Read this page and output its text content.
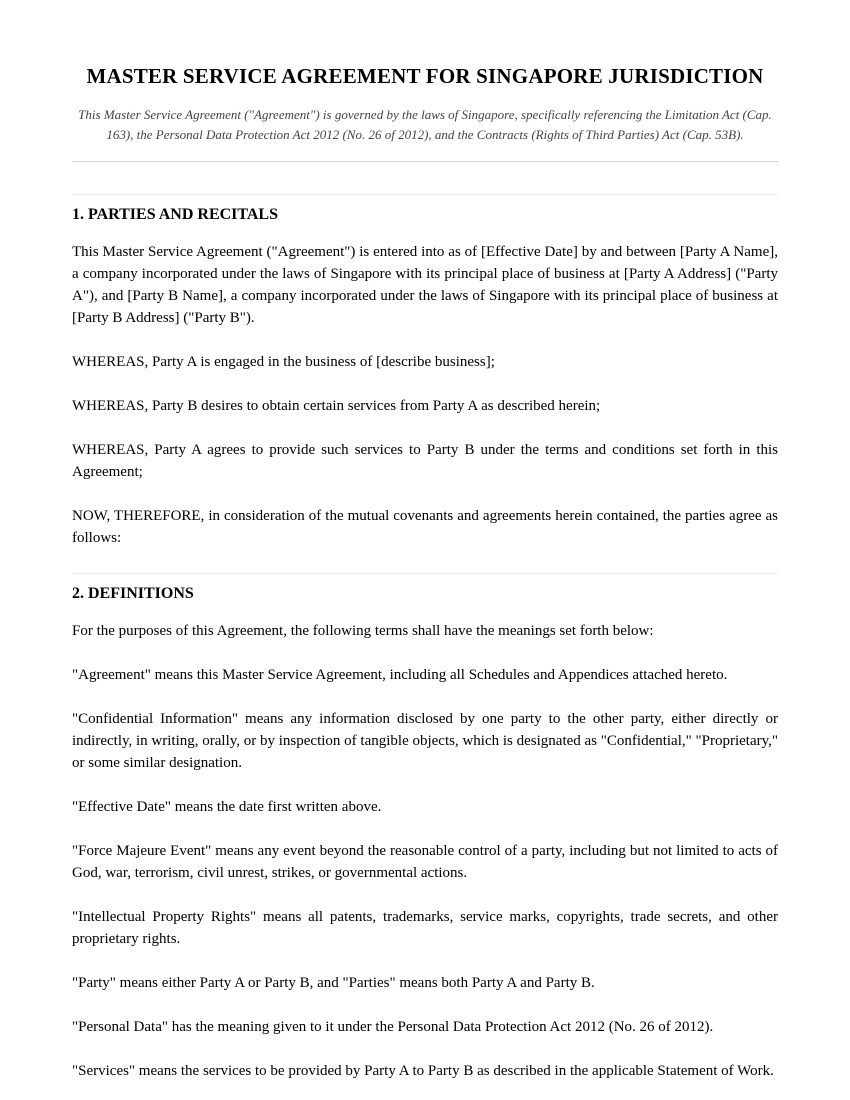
MASTER SERVICE AGREEMENT FOR SINGAPORE JURISDICTION

This Master Service Agreement ("Agreement") is governed by the laws of Singapore, specifically referencing the Limitation Act (Cap. 163), the Personal Data Protection Act 2012 (No. 26 of 2012), and the Contracts (Rights of Third Parties) Act (Cap. 53B).

1. PARTIES AND RECITALS

This Master Service Agreement ("Agreement") is entered into as of [Effective Date] by and between [Party A Name], a company incorporated under the laws of Singapore with its principal place of business at [Party A Address] ("Party A"), and [Party B Name], a company incorporated under the laws of Singapore with its principal place of business at [Party B Address] ("Party B").

WHEREAS, Party A is engaged in the business of [describe business];

WHEREAS, Party B desires to obtain certain services from Party A as described herein;

WHEREAS, Party A agrees to provide such services to Party B under the terms and conditions set forth in this Agreement;

NOW, THEREFORE, in consideration of the mutual covenants and agreements herein contained, the parties agree as follows:

2. DEFINITIONS

For the purposes of this Agreement, the following terms shall have the meanings set forth below:

"Agreement" means this Master Service Agreement, including all Schedules and Appendices attached hereto.

"Confidential Information" means any information disclosed by one party to the other party, either directly or indirectly, in writing, orally, or by inspection of tangible objects, which is designated as "Confidential," "Proprietary," or some similar designation.

"Effective Date" means the date first written above.

"Force Majeure Event" means any event beyond the reasonable control of a party, including but not limited to acts of God, war, terrorism, civil unrest, strikes, or governmental actions.

"Intellectual Property Rights" means all patents, trademarks, service marks, copyrights, trade secrets, and other proprietary rights.

"Party" means either Party A or Party B, and "Parties" means both Party A and Party B.

"Personal Data" has the meaning given to it under the Personal Data Protection Act 2012 (No. 26 of 2012).

"Services" means the services to be provided by Party A to Party B as described in the applicable Statement of Work.
